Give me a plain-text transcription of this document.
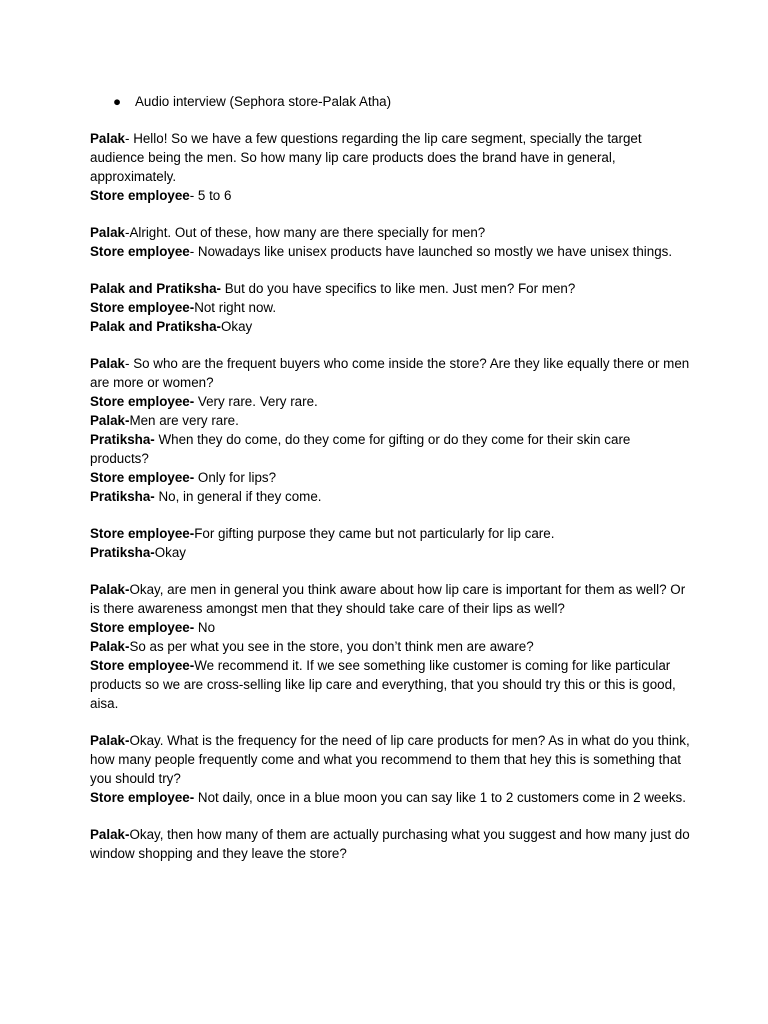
● Audio interview (Sephora store-Palak Atha)
Palak- Hello! So we have a few questions regarding the lip care segment, specially the target audience being the men. So how many lip care products does the brand have in general, approximately.
Store employee- 5 to 6
Palak-Alright. Out of these, how many are there specially for men?
Store employee- Nowadays like unisex products have launched so mostly we have unisex things.
Palak and Pratiksha- But do you have specifics to like men. Just men? For men?
Store employee-Not right now.
Palak and Pratiksha-Okay
Palak- So who are the frequent buyers who come inside the store? Are they like equally there or men are more or women?
Store employee- Very rare. Very rare.
Palak-Men are very rare.
Pratiksha- When they do come, do they come for gifting or do they come for their skin care products?
Store employee- Only for lips?
Pratiksha- No, in general if they come.
Store employee-For gifting purpose they came but not particularly for lip care.
Pratiksha-Okay
Palak-Okay, are men in general you think aware about how lip care is important for them as well? Or is there awareness amongst men that they should take care of their lips as well?
Store employee- No
Palak-So as per what you see in the store, you don’t think men are aware?
Store employee-We recommend it. If we see something like customer is coming for like particular products so we are cross-selling like lip care and everything, that you should try this or this is good, aisa.
Palak-Okay. What is the frequency for the need of lip care products for men? As in what do you think, how many people frequently come and what you recommend to them that hey this is something that you should try?
Store employee- Not daily, once in a blue moon you can say like 1 to 2 customers come in 2 weeks.
Palak-Okay, then how many of them are actually purchasing what you suggest and how many just do window shopping and they leave the store?
